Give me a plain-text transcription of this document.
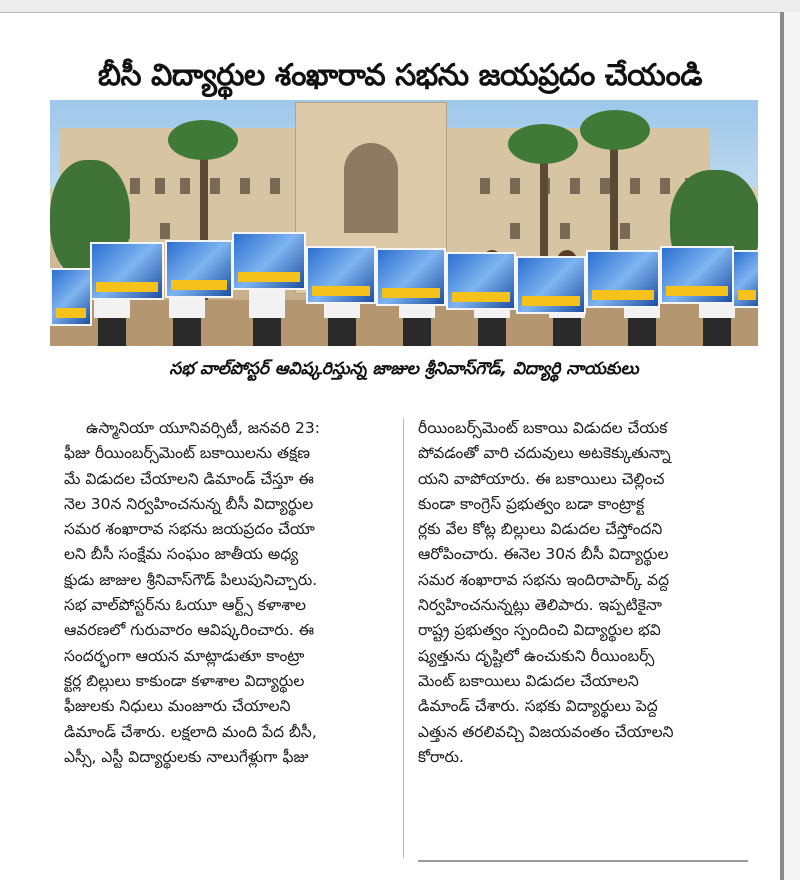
బీసీ విద్యార్థుల శంఖారావ సభను జయప్రదం చేయండి
సభ వాల్‌పోస్టర్ ఆవిష్కరిస్తున్న జాజుల శ్రీనివాస్‌గౌడ్, విద్యార్థి నాయకులు
ఉస్మానియా యూనివర్సిటీ, జనవరి 23:
ఫీజు రీయింబర్స్‌మెంట్ బకాయిలను తక్షణ
మే విడుదల చేయాలని డిమాండ్ చేస్తూ ఈ
నెల 30న నిర్వహించనున్న బీసీ విద్యార్థుల
సమర శంఖారావ సభను జయప్రదం చేయా
లని బీసీ సంక్షేమ సంఘం జాతీయ అధ్య
క్షుడు జాజుల శ్రీనివాస్‌గౌడ్ పిలుపునిచ్చారు.
సభ వాల్‌పోస్టర్‌ను ఓయూ ఆర్ట్స్ కళాశాల
ఆవరణలో గురువారం ఆవిష్కరించారు. ఈ
సందర్భంగా ఆయన మాట్లాడుతూ కాంట్రా
క్టర్ల బిల్లులు కాకుండా కళాశాల విద్యార్థుల
ఫీజులకు నిధులు మంజూరు చేయాలని
డిమాండ్ చేశారు. లక్షలాది మంది పేద బీసీ,
ఎస్సీ, ఎస్టీ విద్యార్థులకు నాలుగేళ్లుగా ఫీజు
రీయింబర్స్‌మెంట్ బకాయి విడుదల చేయక
పోవడంతో వారి చదువులు అటకెక్కుతున్నా
యని వాపోయారు. ఈ బకాయిలు చెల్లించ
కుండా కాంగ్రెస్ ప్రభుత్వం బడా కాంట్రాక్ట
ర్లకు వేల కోట్ల బిల్లులు విడుదల చేస్తోందని
ఆరోపించారు. ఈనెల 30న బీసీ విద్యార్థుల
సమర శంఖారావ సభను ఇందిరాపార్క్ వద్ద
నిర్వహించనున్నట్లు తెలిపారు. ఇప్పటికైనా
రాష్ట్ర ప్రభుత్వం స్పందించి విద్యార్థుల భవి
ష్యత్తును దృష్టిలో ఉంచుకుని రీయింబర్స్
మెంట్ బకాయిలు విడుదల చేయాలని
డిమాండ్ చేశారు. సభకు విద్యార్థులు పెద్ద
ఎత్తున తరలివచ్చి విజయవంతం చేయాలని
కోరారు.
